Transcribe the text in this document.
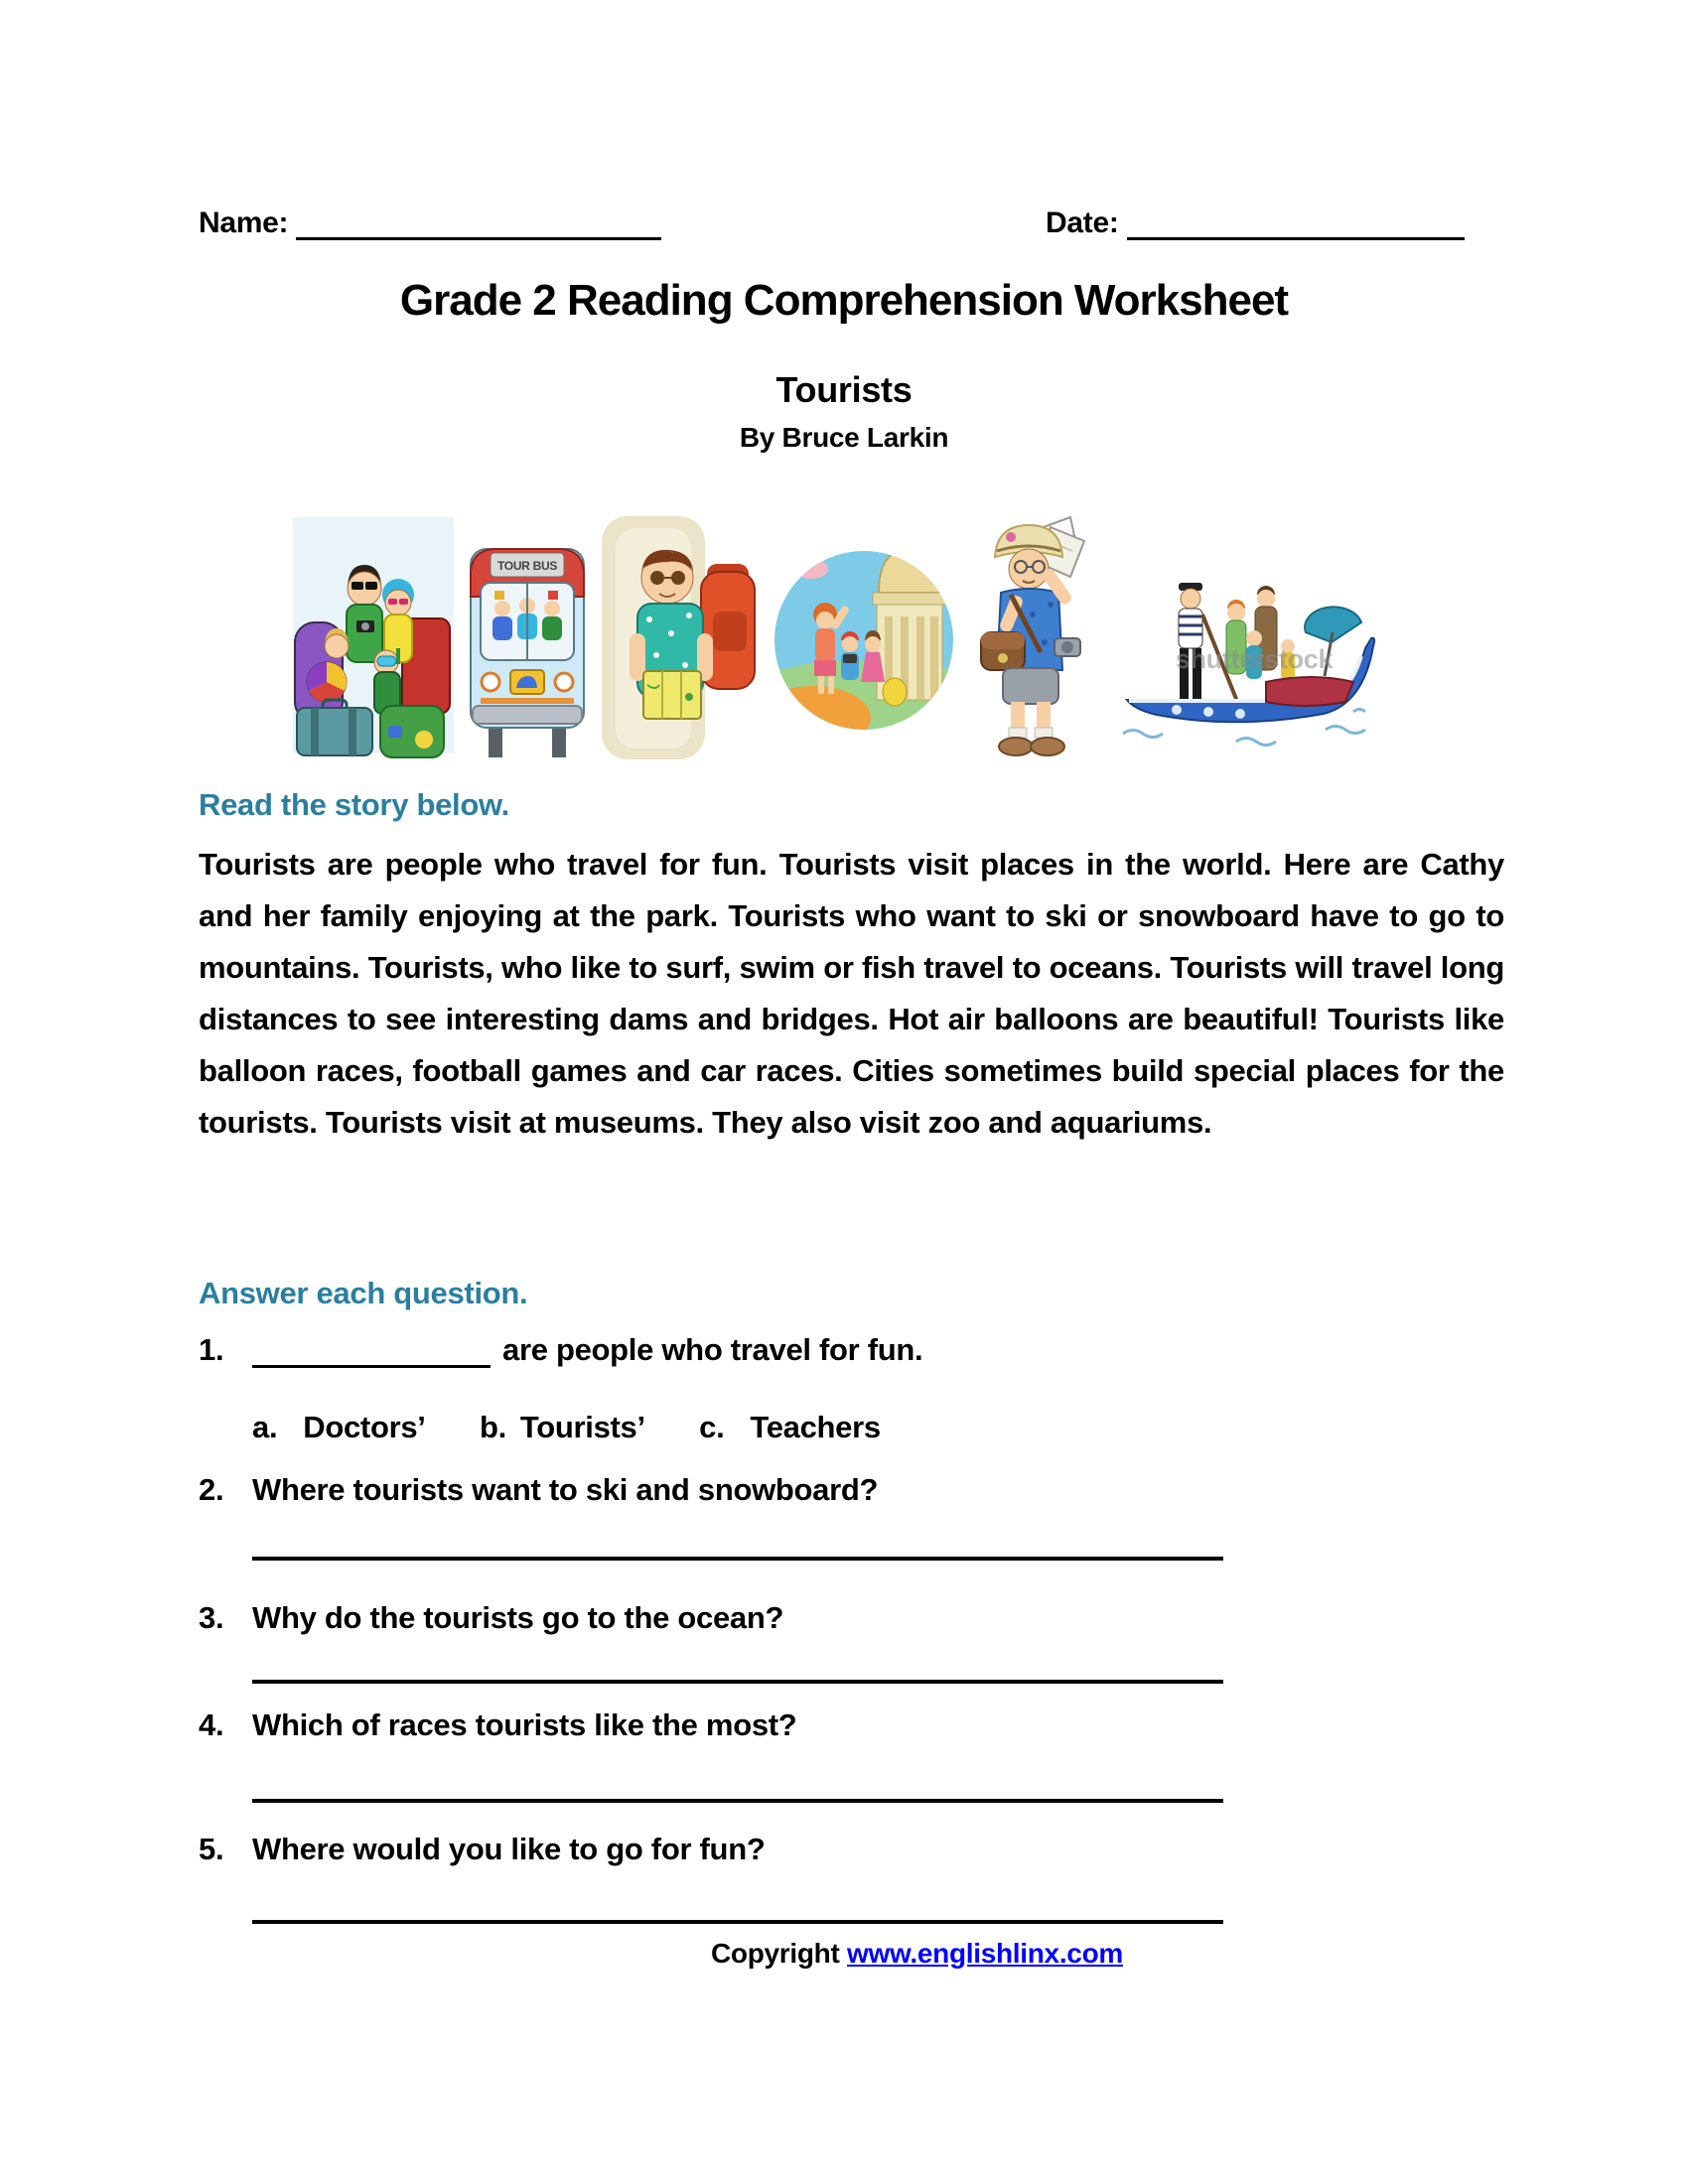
Name:	Date:
Grade 2 Reading Comprehension Worksheet
Tourists
By Bruce Larkin
TOUR BUS
shutterstock
Read the story below.
Tourists are people who travel for fun. Tourists visit places in the world. Here are Cathy and her family enjoying at the park. Tourists who want to ski or snowboard have to go to mountains. Tourists, who like to surf, swim or fish travel to oceans. Tourists will travel long distances to see interesting dams and bridges. Hot air balloons are beautiful! Tourists like balloon races, football games and car races. Cities sometimes build special places for the tourists. Tourists visit at museums. They also visit zoo and aquariums.
Answer each question.
1.	are people who travel for fun.
a. Doctors’ b. Tourists’ c. Teachers
2. Where tourists want to ski and snowboard?
3. Why do the tourists go to the ocean?
4. Which of races tourists like the most?
5. Where would you like to go for fun?
Copyright www.englishlinx.com
